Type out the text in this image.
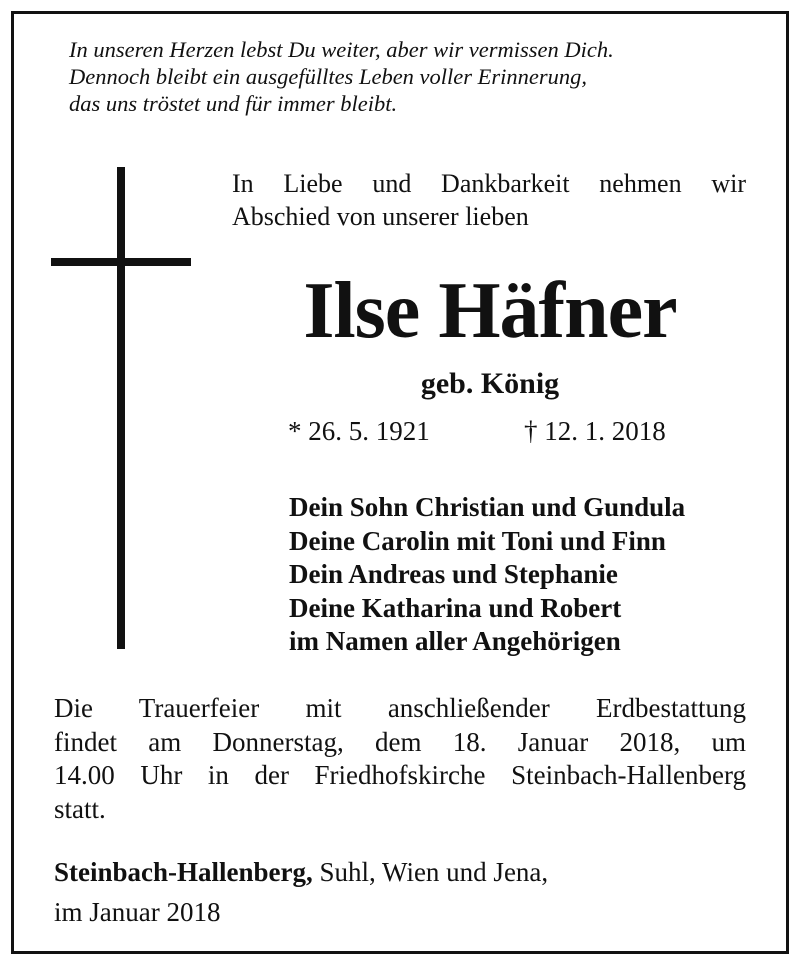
In unseren Herzen lebst Du weiter, aber wir vermissen Dich.
Dennoch bleibt ein ausgefülltes Leben voller Erinnerung,
das uns tröstet und für immer bleibt.
In Liebe und Dankbarkeit nehmen wir
Abschied von unserer lieben
Ilse Häfner
geb. König
* 26. 5. 1921	† 12. 1. 2018
Dein Sohn Christian und Gundula
Deine Carolin mit Toni und Finn
Dein Andreas und Stephanie
Deine Katharina und Robert
im Namen aller Angehörigen
Die Trauerfeier mit anschließender Erdbestattung
findet am Donnerstag, dem 18. Januar 2018, um
14.00 Uhr in der Friedhofskirche Steinbach-Hallenberg
statt.
Steinbach-Hallenberg, Suhl, Wien und Jena,
im Januar 2018
